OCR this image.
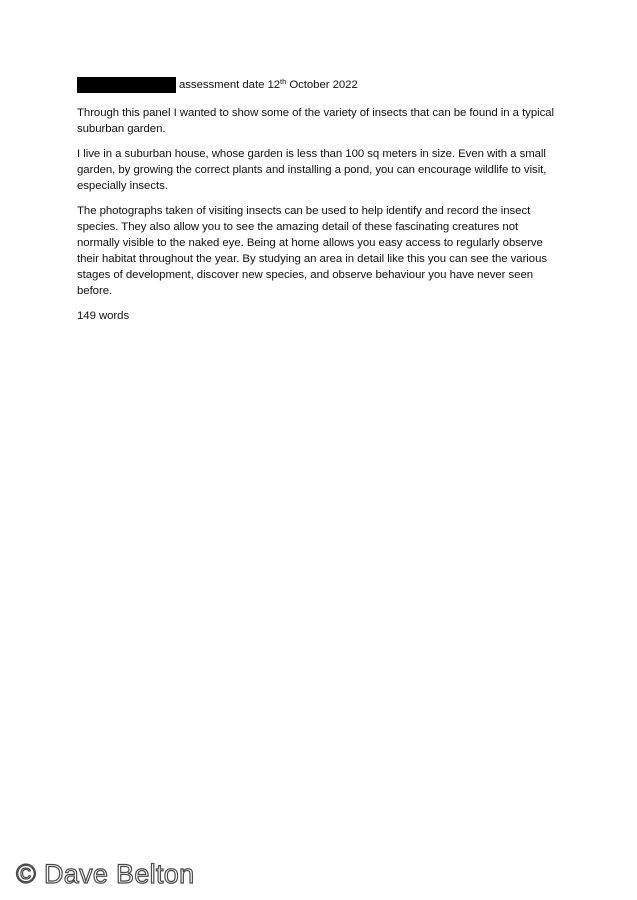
assessment date 12th October 2022

Through this panel I wanted to show some of the variety of insects that can be found in a typical suburban garden.

I live in a suburban house, whose garden is less than 100 sq meters in size. Even with a small garden, by growing the correct plants and installing a pond, you can encourage wildlife to visit, especially insects.

The photographs taken of visiting insects can be used to help identify and record the insect species. They also allow you to see the amazing detail of these fascinating creatures not normally visible to the naked eye. Being at home allows you easy access to regularly observe their habitat throughout the year. By studying an area in detail like this you can see the various stages of development, discover new species, and observe behaviour you have never seen before.

149 words

© Dave Belton
